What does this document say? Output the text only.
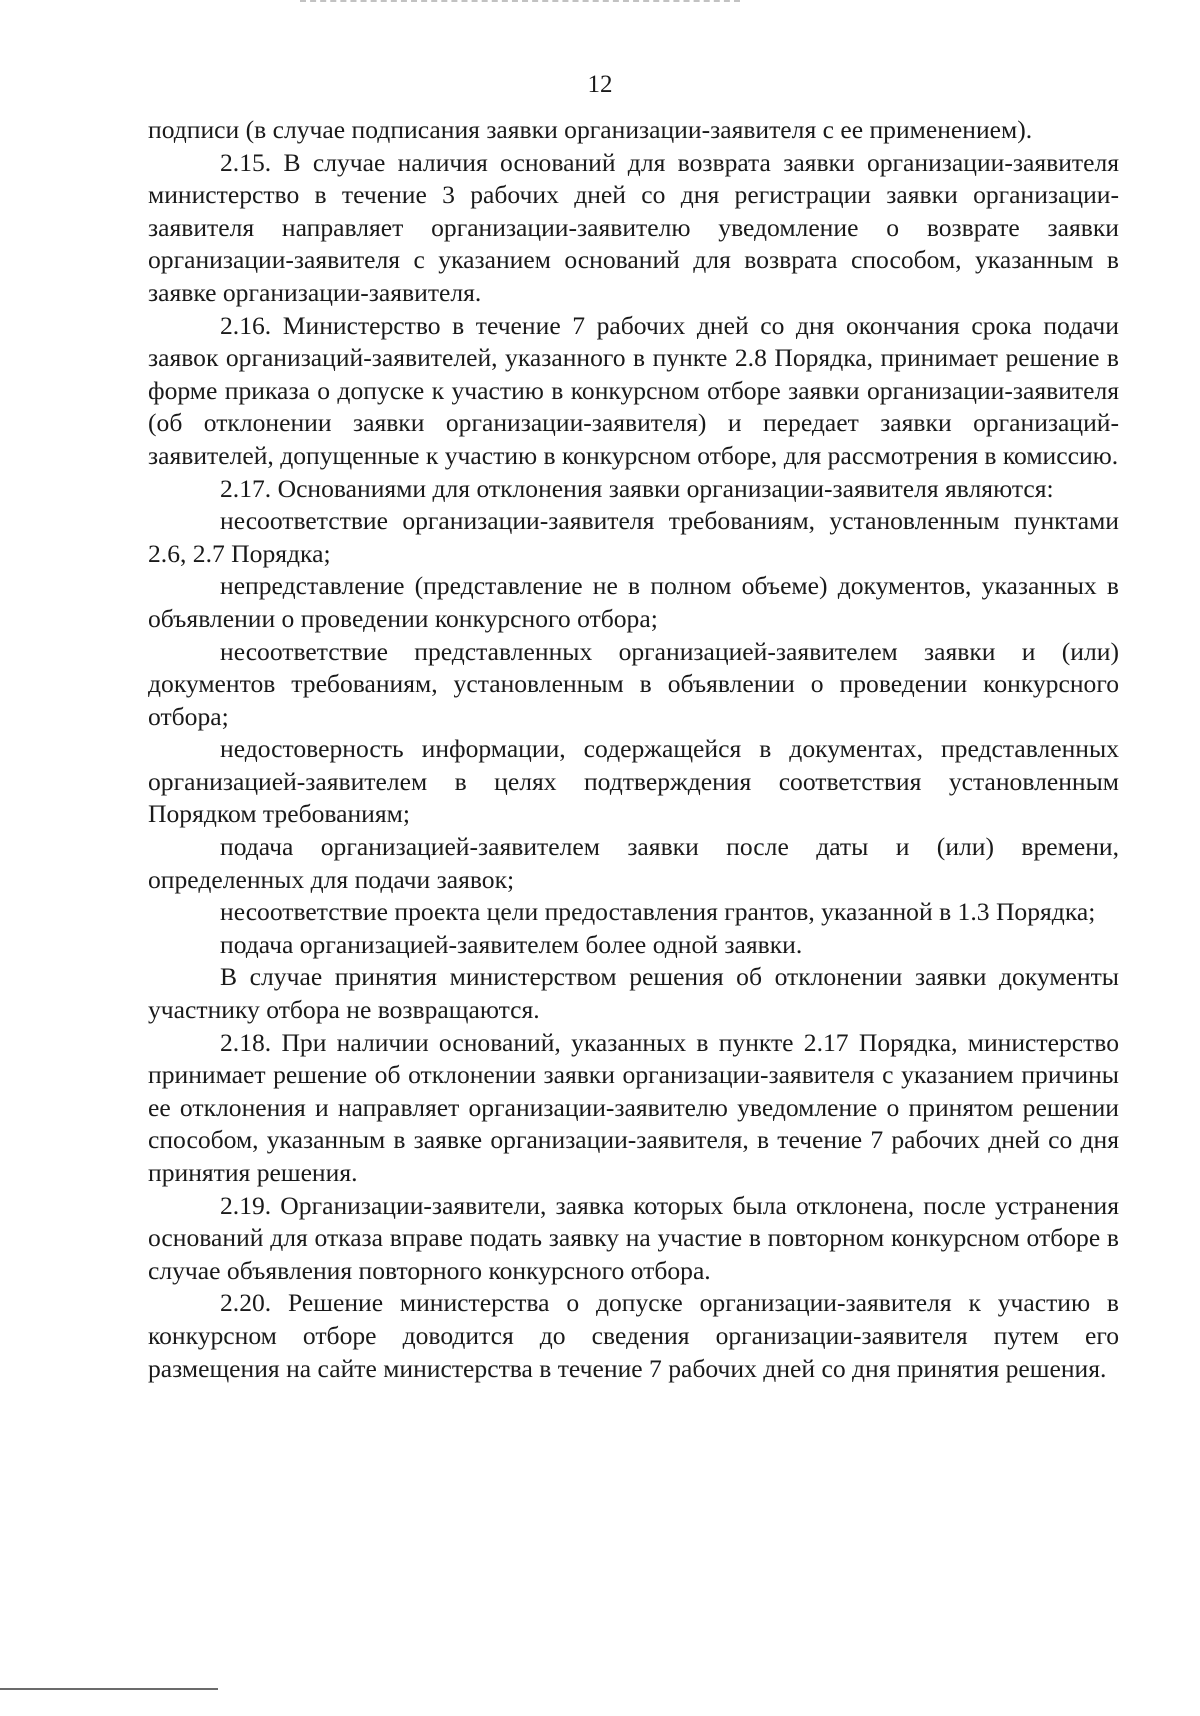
12

подписи (в случае подписания заявки организации-заявителя с ее применением).

2.15. В случае наличия оснований для возврата заявки организации-заявителя министерство в течение 3 рабочих дней со дня регистрации заявки организации-заявителя направляет организации-заявителю уведомление о возврате заявки организации-заявителя с указанием оснований для возврата способом, указанным в заявке организации-заявителя.

2.16. Министерство в течение 7 рабочих дней со дня окончания срока подачи заявок организаций-заявителей, указанного в пункте 2.8 Порядка, принимает решение в форме приказа о допуске к участию в конкурсном отборе заявки организации-заявителя (об отклонении заявки организации-заявителя) и передает заявки организаций-заявителей, допущенные к участию в конкурсном отборе, для рассмотрения в комиссию.

2.17. Основаниями для отклонения заявки организации-заявителя являются:

несоответствие организации-заявителя требованиям, установленным пунктами 2.6, 2.7 Порядка;

непредставление (представление не в полном объеме) документов, указанных в объявлении о проведении конкурсного отбора;

несоответствие представленных организацией-заявителем заявки и (или) документов требованиям, установленным в объявлении о проведении конкурсного отбора;

недостоверность информации, содержащейся в документах, представленных организацией-заявителем в целях подтверждения соответствия установленным Порядком требованиям;

подача организацией-заявителем заявки после даты и (или) времени, определенных для подачи заявок;

несоответствие проекта цели предоставления грантов, указанной в 1.3 Порядка;

подача организацией-заявителем более одной заявки.

В случае принятия министерством решения об отклонении заявки документы участнику отбора не возвращаются.

2.18. При наличии оснований, указанных в пункте 2.17 Порядка, министерство принимает решение об отклонении заявки организации-заявителя с указанием причины ее отклонения и направляет организации-заявителю уведомление о принятом решении способом, указанным в заявке организации-заявителя, в течение 7 рабочих дней со дня принятия решения.

2.19. Организации-заявители, заявка которых была отклонена, после устранения оснований для отказа вправе подать заявку на участие в повторном конкурсном отборе в случае объявления повторного конкурсного отбора.

2.20. Решение министерства о допуске организации-заявителя к участию в конкурсном отборе доводится до сведения организации-заявителя путем его размещения на сайте министерства в течение 7 рабочих дней со дня принятия решения.
